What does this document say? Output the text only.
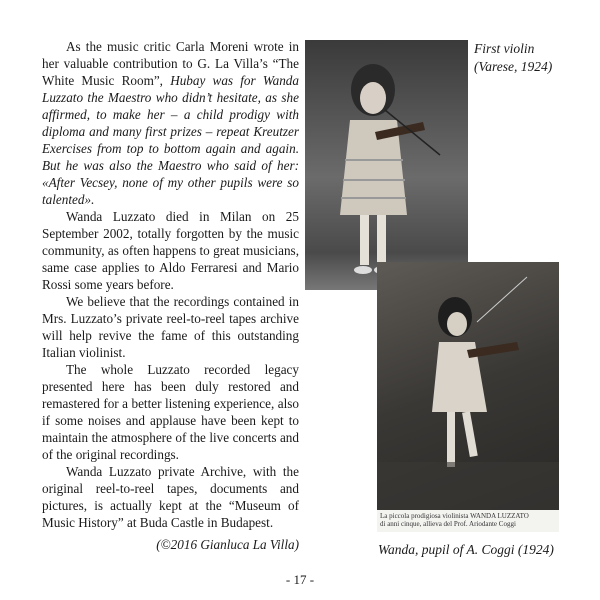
As the music critic Carla Moreni wrote in her valuable contribution to G. La Villa’s “The White Music Room”, Hubay was for Wanda Luzzato the Maestro who didn’t hesitate, as she affirmed, to make her – a child prodigy with diploma and many first prizes – repeat Kreutzer Exercises from top to bottom again and again. But he was also the Maestro who said of her: «After Vecsey, none of my other pupils were so talented».

Wanda Luzzato died in Milan on 25 September 2002, totally forgotten by the music community, as often happens to great musicians, same case applies to Aldo Ferraresi and Mario Rossi some years before.

We believe that the recordings contained in Mrs. Luzzato’s private reel-to-reel tapes archive will help revive the fame of this outstanding Italian violinist.

The whole Luzzato recorded legacy presented here has been duly restored and remastered for a better listening experience, also if some noises and applause have been kept to maintain the atmosphere of the live concerts and of the original recordings.

Wanda Luzzato private Archive, with the original reel-to-reel tapes, documents and pictures, is actually kept at the “Museum of Music History” at Buda Castle in Budapest.

(©2016 Gianluca La Villa)

First violin
(Varese, 1924)
La piccola prodigiosa violinista WANDA LUZZATO
di anni cinque, allieva del Prof. Ariodante Coggi
Wanda, pupil of A. Coggi (1924)
- 17 -
